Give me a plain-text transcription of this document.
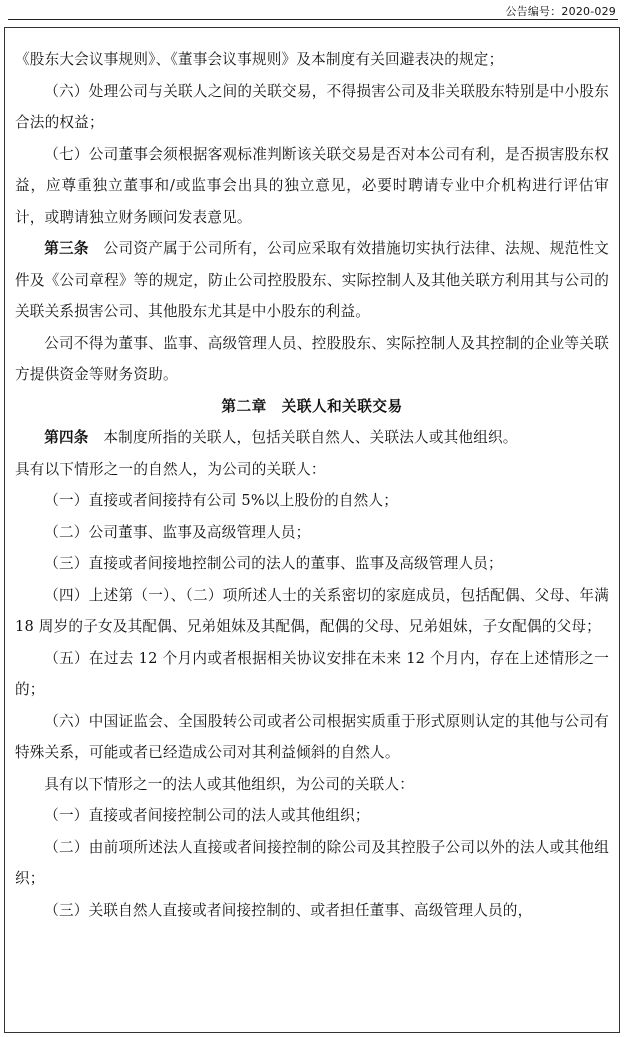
公告编号：2020-029

《股东大会议事规则》、《董事会议事规则》及本制度有关回避表决的规定；

（六）处理公司与关联人之间的关联交易，不得损害公司及非关联股东特别是中小股东合法的权益；

（七）公司董事会须根据客观标准判断该关联交易是否对本公司有利，是否损害股东权益，应尊重独立董事和/或监事会出具的独立意见，必要时聘请专业中介机构进行评估审计，或聘请独立财务顾问发表意见。

第三条　 公司资产属于公司所有，公司应采取有效措施切实执行法律、法规、规范性文件及《公司章程》等的规定，防止公司控股股东、实际控制人及其他关联方利用其与公司的关联关系损害公司、其他股东尤其是中小股东的利益。

公司不得为董事、监事、高级管理人员、控股股东、实际控制人及其控制的企业等关联方提供资金等财务资助。

第二章　关联人和关联交易

第四条　 本制度所指的关联人，包括关联自然人、关联法人或其他组织。

具有以下情形之一的自然人，为公司的关联人：

（一）直接或者间接持有公司 5%以上股份的自然人；

（二）公司董事、监事及高级管理人员；

（三）直接或者间接地控制公司的法人的董事、监事及高级管理人员；

（四）上述第（一）、（二）项所述人士的关系密切的家庭成员，包括配偶、父母、年满 18 周岁的子女及其配偶、兄弟姐妹及其配偶，配偶的父母、兄弟姐妹，子女配偶的父母；

（五）在过去 12 个月内或者根据相关协议安排在未来 12 个月内，存在上述情形之一的；

（六）中国证监会、全国股转公司或者公司根据实质重于形式原则认定的其他与公司有特殊关系，可能或者已经造成公司对其利益倾斜的自然人。

具有以下情形之一的法人或其他组织，为公司的关联人：

（一）直接或者间接控制公司的法人或其他组织；

（二）由前项所述法人直接或者间接控制的除公司及其控股子公司以外的法人或其他组织；

（三）关联自然人直接或者间接控制的、或者担任董事、高级管理人员的，
